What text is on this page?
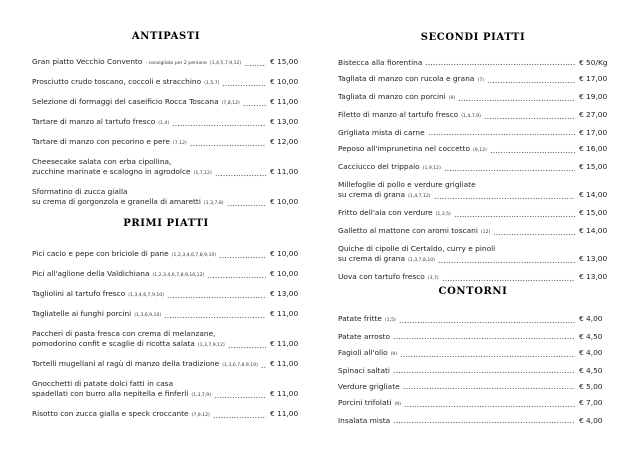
ANTIPASTI
Gran piatto Vecchio Convento - consigliato per 2 persone (1,4,5,7,9,12)	€ 15,00
Prosciutto crudo toscano, coccoli e stracchino (1,5,7)	€ 10,00
Selezione di formaggi del caseificio Rocca Toscana (7,8,12)	€ 11,00
Tartare di manzo al tartufo fresco (1,4)	€ 13,00
Tartare di manzo con pecorino e pere (7,12)	€ 12,00
Cheesecake salata con erba cipollina,
zucchine marinate e scalogno in agrodolce (1,7,12)	€ 11,00
Sformatino di zucca gialla
su crema di gorgonzola e granella di amaretti (1,3,7,8)	€ 10,00
PRIMI PIATTI
Pici cacio e pepe con briciole di pane (1,2,3,4,6,7,8,9,10)	€ 10,00
Pici all'aglione della Valdichiana (1,2,3,4,6,7,8,9,10,12)	€ 10,00
Tagliolini al tartufo fresco (1,3,4,6,7,9,10)	€ 13,00
Tagliatelle ai funghi porcini (1,3,6,9,10)	€ 11,00
Paccheri di pasta fresca con crema di melanzane,
pomodorino confit e scaglie di ricotta salata (1,3,7,9,12)	€ 11,00
Tortelli mugellani al ragù di manzo della tradizione (1,3,6,7,8,9,10) € 11,00
Gnocchetti di patate dolci fatti in casa
spadellati con burro alla nepitella e finferli (1,3,7,9)	€ 11,00
Risotto con zucca gialla e speck croccante (7,9,12)	€ 11,00
SECONDI PIATTI
Bistecca alla fiorentina	€ 50/Kg
Tagliata di manzo con rucola e grana (7)	€ 17,00
Tagliata di manzo con porcini (9)	€ 19,00
Filetto di manzo al tartufo fresco (1,4,7,9)	€ 27,00
Grigliata mista di carne	€ 17,00
Peposo all'imprunetina nel coccetto (9,12)	€ 16,00
Cacciucco del trippaio (1,9,12)	€ 15,00
Millefoglie di pollo e verdure grigliate
su crema di grana (1,4,7,12)	€ 14,00
Fritto dell'aia con verdure (1,3,5)	€ 15,00
Galletto al mattone con aromi toscani (12)	€ 14,00
Quiche di cipolle di Certaldo, curry e pinoli
su crema di grana (1,3,7,8,10)	€ 13,00
Uova con tartufo fresco (3,7)	€ 13,00
CONTORNI
Patate fritte (1,5)	€ 4,00
Patate arrosto	€ 4,50
Fagioli all'olio (9)	€ 4,00
Spinaci saltati	€ 4,50
Verdure grigliate	€ 5,00
Porcini trifolati (9)	€ 7,00
Insalata mista	€ 4,00
